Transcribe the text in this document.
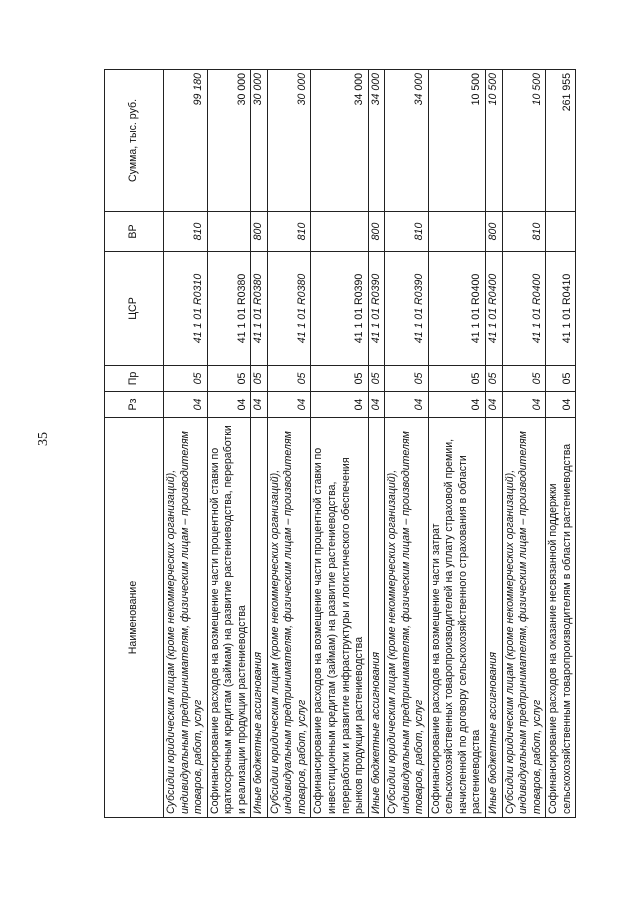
35
Наименование	Рз	Пр	ЦСР	ВР	Сумма, тыс. руб.
Субсидии юридическим лицам (кроме некоммерческих организаций), индивидуальным предпринимателям, физическим лицам – производителям товаров, работ, услуг	04	05	41 1 01 R0310	810	99 180
Софинансирование расходов на возмещение части процентной ставки по краткосрочным кредитам (займам) на развитие растениеводства, переработки и реализации продукции растениеводства	04	05	41 1 01 R0380		30 000
Иные бюджетные ассигнования	04	05	41 1 01 R0380	800	30 000
Субсидии юридическим лицам (кроме некоммерческих организаций), индивидуальным предпринимателям, физическим лицам – производителям товаров, работ, услуг	04	05	41 1 01 R0380	810	30 000
Софинансирование расходов на возмещение части процентной ставки по инвестиционным кредитам (займам) на развитие растениеводства, переработки и развитие инфраструктуры и логистического обеспечения рынков продукции растениеводства	04	05	41 1 01 R0390		34 000
Иные бюджетные ассигнования	04	05	41 1 01 R0390	800	34 000
Субсидии юридическим лицам (кроме некоммерческих организаций), индивидуальным предпринимателям, физическим лицам – производителям товаров, работ, услуг	04	05	41 1 01 R0390	810	34 000
Софинансирование расходов на возмещение части затрат сельскохозяйственных товаропроизводителей на уплату страховой премии, начисленной по договору сельскохозяйственного страхования в области растениеводства	04	05	41 1 01 R0400		10 500
Иные бюджетные ассигнования	04	05	41 1 01 R0400	800	10 500
Субсидии юридическим лицам (кроме некоммерческих организаций), индивидуальным предпринимателям, физическим лицам – производителям товаров, работ, услуг	04	05	41 1 01 R0400	810	10 500
Софинансирование расходов на оказание несвязанной поддержки сельскохозяйственным товаропроизводителям в области растениеводства	04	05	41 1 01 R0410		261 955
